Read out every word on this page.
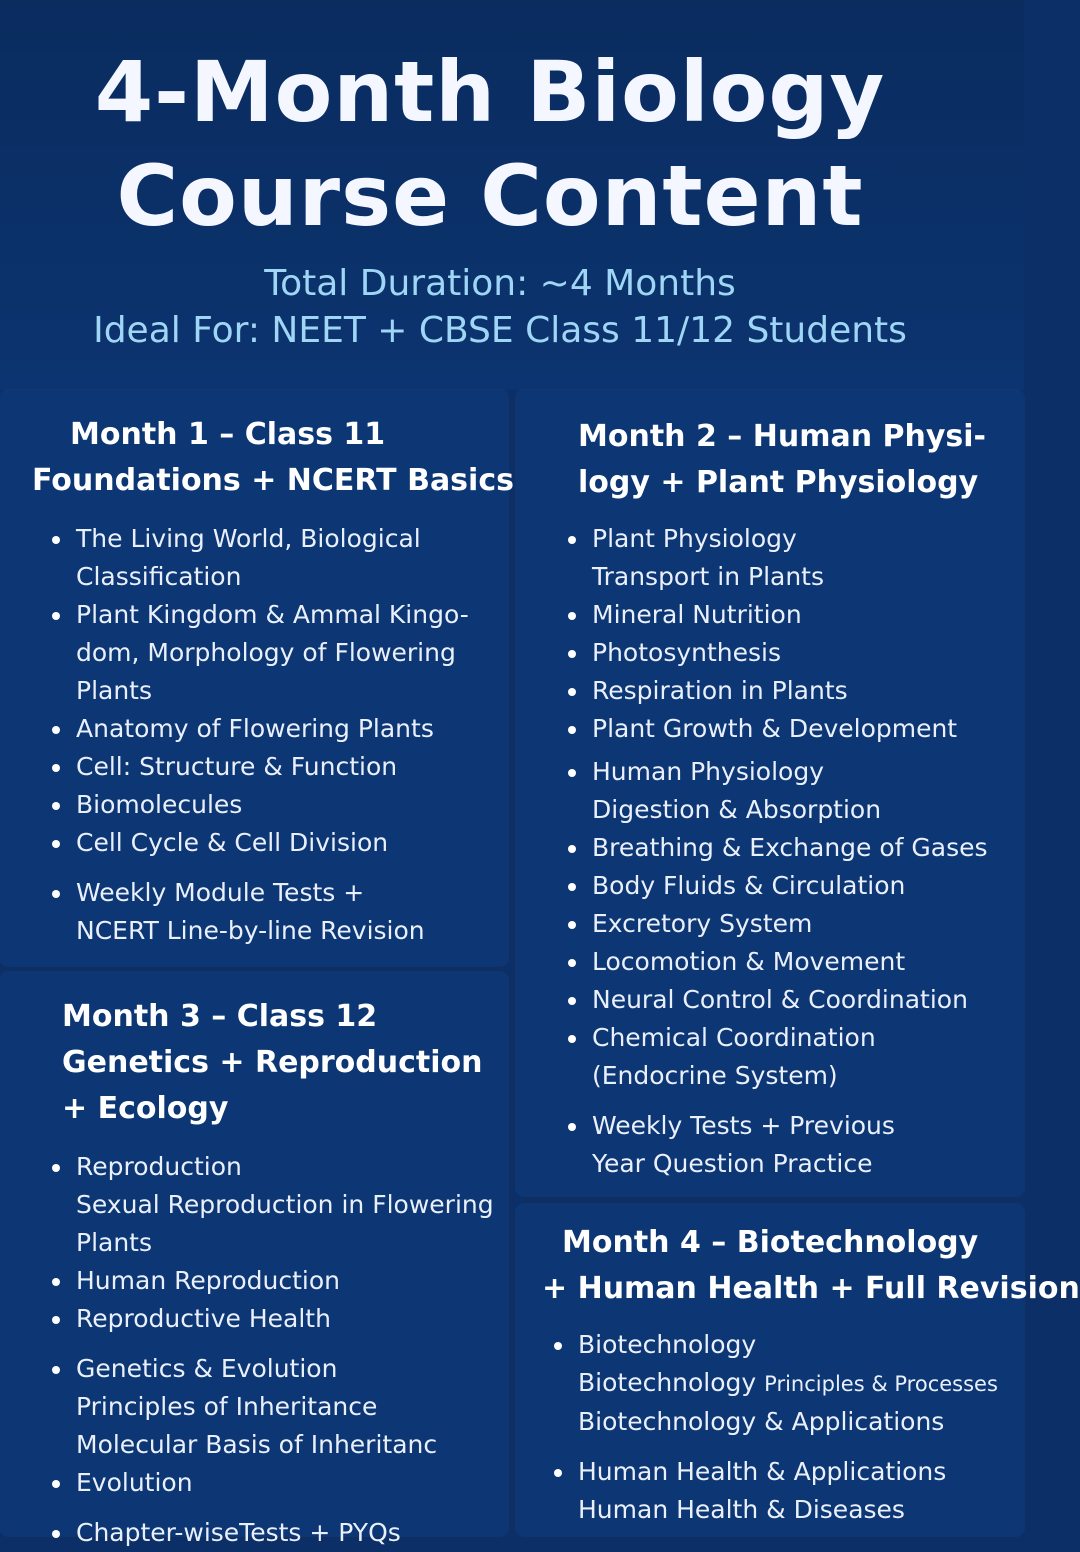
4-Month Biology
Course Content
Total Duration: ~4 Months
Ideal For: NEET + CBSE Class 11/12 Students
Month 1 – Class 11
Foundations + NCERT Basics
The Living World, Biological
Classification
Plant Kingdom & Ammal Kingo-
dom, Morphology of Flowering
Plants
Anatomy of Flowering Plants
Cell: Structure & Function
Biomolecules
Cell Cycle & Cell Division
Weekly Module Tests +
NCERT Line-by-line Revision
Month 2 – Human Physi-
logy + Plant Physiology
Plant Physiology
Transport in Plants
Mineral Nutrition
Photosynthesis
Respiration in Plants
Plant Growth & Development
Human Physiology
Digestion & Absorption
Breathing & Exchange of Gases
Body Fluids & Circulation
Excretory System
Locomotion & Movement
Neural Control & Coordination
Chemical Coordination
(Endocrine System)
Weekly Tests + Previous
Year Question Practice
Month 3 – Class 12
Genetics + Reproduction
+ Ecology
Reproduction
Sexual Reproduction in Flowering
Plants
Human Reproduction
Reproductive Health
Genetics & Evolution
Principles of Inheritance
Molecular Basis of Inheritanc
Evolution
Chapter-wiseTests + PYQs
Month 4 – Biotechnology
+ Human Health + Full Revision
Biotechnology
Biotechnology Principles & Processes
Biotechnology & Applications
Human Health & Applications
Human Health & Diseases
